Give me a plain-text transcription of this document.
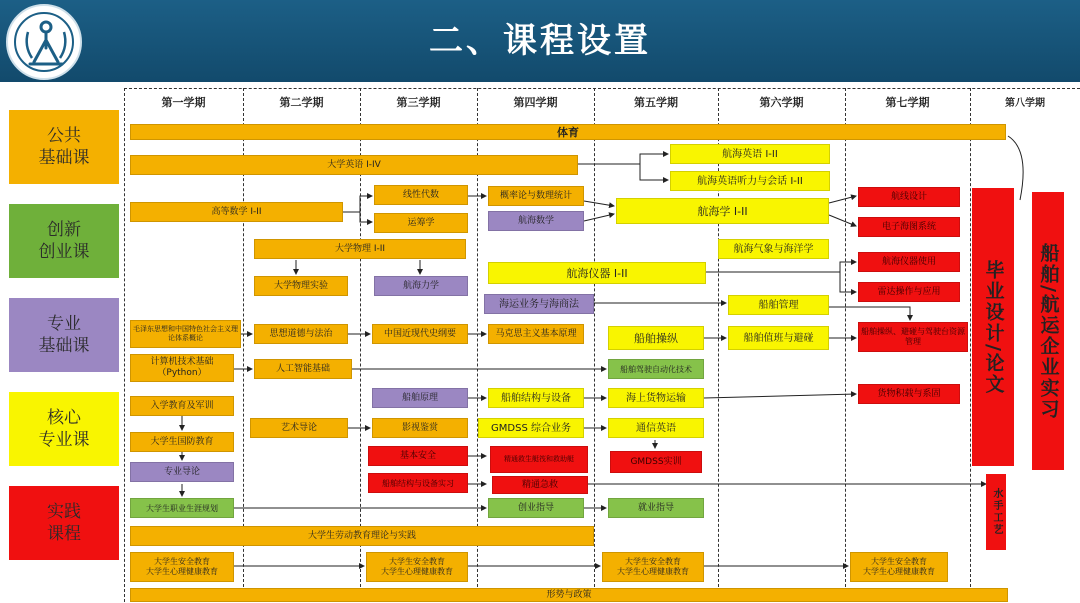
二、课程设置
公共
基础课
创新
创业课
专业
基础课
核心
专业课
实践
课程
第一学期	第二学期	第三学期	第四学期	第五学期	第六学期	第七学期	第八学期
体育
大学英语 I-IV
航海英语 I-II
航海英语听力与会话 I-II
高等数学 I-II
线性代数
运筹学
概率论与数理统计
航海数学
航海学 I-II
航线设计
电子海图系统
大学物理 I-II	航海气象与海洋学
大学物理实验	航海力学
航海仪器 I-II
航海仪器使用
雷达操作与应用
海运业务与海商法	船舶管理
毛泽东思想和中国特色社会主义理论体系概论	思想道德与法治	中国近现代史纲要	马克思主义基本原理	船舶操纵	船舶值班与避碰
船舶操纵、避碰与驾驶台资源管理
计算机技术基础
（Python）	人工智能基础	船舶驾驶自动化技术
入学教育及军训
船舶原理	船舶结构与设备	海上货物运输	货物积载与系固
大学生国防教育
艺术导论	影视鉴赏	GMDSS 综合业务	通信英语
专业导论
基本安全
船舶结构与设备实习
精通救生艇筏和救助艇
精通急救
GMDSS实训
大学生职业生涯规划	创业指导	就业指导
大学生劳动教育理论与实践
大学生安全教育
大学生心理健康教育
大学生安全教育
大学生心理健康教育
大学生安全教育
大学生心理健康教育
大学生安全教育
大学生心理健康教育
形势与政策
毕业设计/论文	船舶/航运企业实习
水手工艺
